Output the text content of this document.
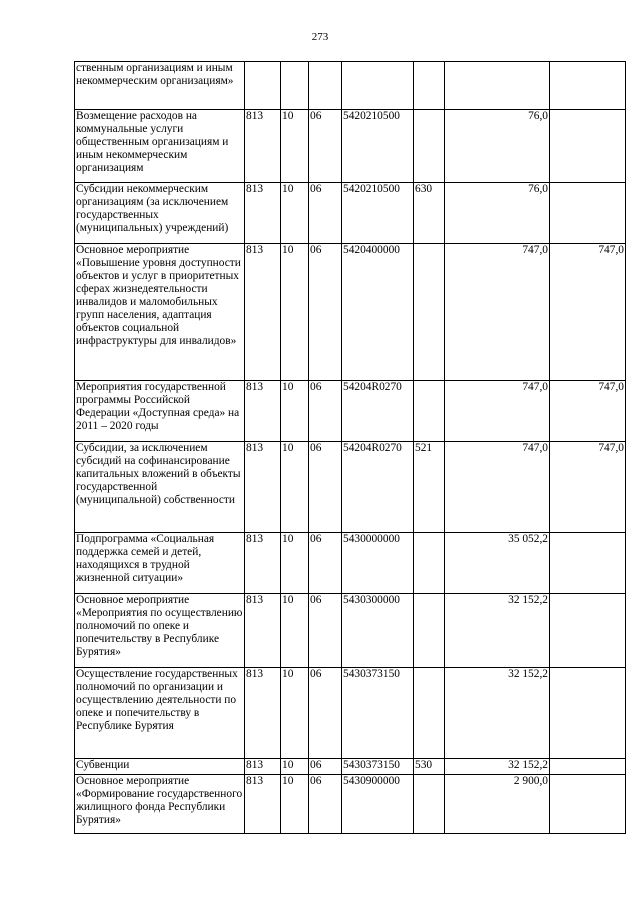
273
ственным организациям и иным некоммерческим организациям»							
Возмещение расходов на коммунальные услуги общественным организациям и иным некоммерческим организациям	813	10	06	5420210500		76,0	
Субсидии некоммерческим организациям (за исключением государственных (муниципальных) учреждений)	813	10	06	5420210500	630	76,0	
Основное мероприятие «Повышение уровня доступности объектов и услуг в приоритетных сферах жизнедеятельности инвалидов и маломобильных групп населения, адаптация объектов социальной инфраструктуры для инвалидов»	813	10	06	5420400000		747,0	747,0
Мероприятия государственной программы Российской Федерации «Доступная среда» на 2011 – 2020 годы	813	10	06	54204R0270		747,0	747,0
Субсидии, за исключением субсидий на софинансирование капитальных вложений в объекты государственной (муниципальной) собственности	813	10	06	54204R0270	521	747,0	747,0
Подпрограмма «Социальная поддержка семей и детей, находящихся в трудной жизненной ситуации»	813	10	06	5430000000		35 052,2	
Основное мероприятие «Мероприятия по осуществлению полномочий по опеке и попечительству в Республике Бурятия»	813	10	06	5430300000		32 152,2	
Осуществление государственных полномочий по организации и осуществлению деятельности по опеке и попечительству в Республике Бурятия	813	10	06	5430373150		32 152,2	
Субвенции	813	10	06	5430373150	530	32 152,2	
Основное мероприятие «Формирование государственного жилищного фонда Республики Бурятия»	813	10	06	5430900000		2 900,0	
